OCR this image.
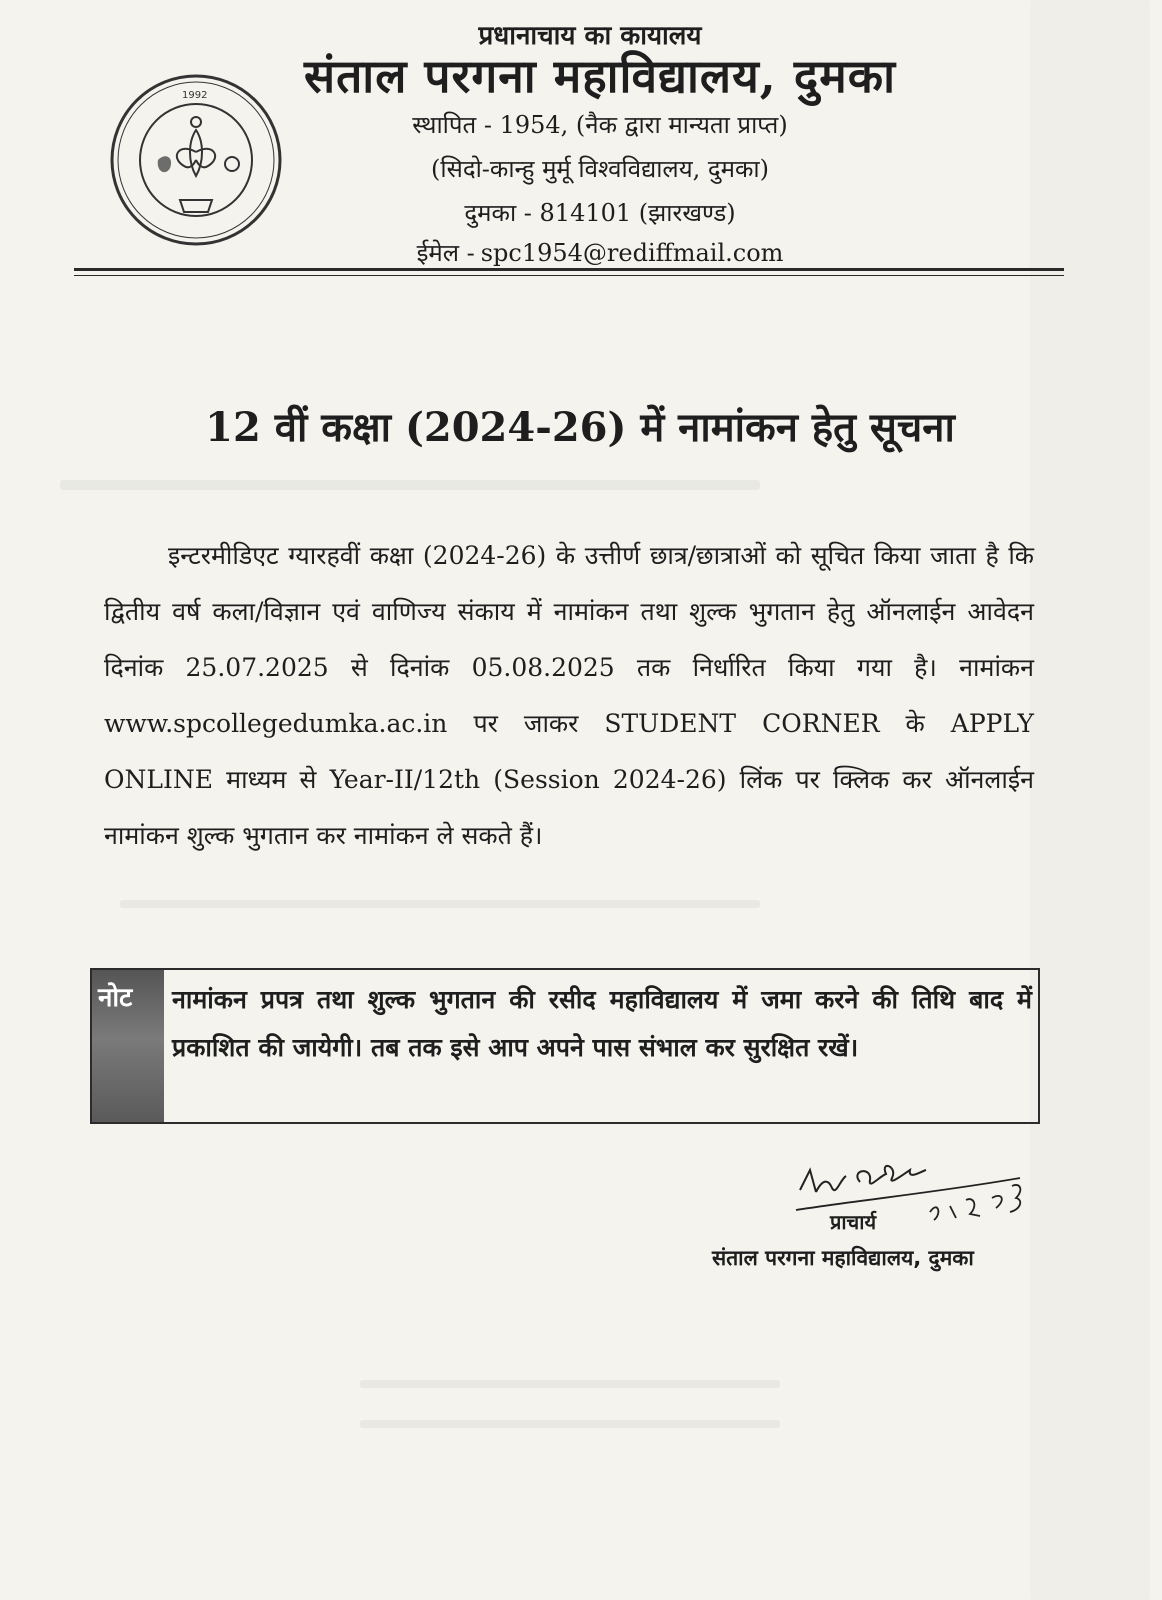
1992
प्रधानाचाय का कायालय
संताल परगना महाविद्यालय, दुमका
स्थापित - 1954, (नैक द्वारा मान्यता प्राप्त)
(सिदो-कान्हु मुर्मू विश्वविद्यालय, दुमका)
दुमका - 814101 (झारखण्ड)
ईमेल - spc1954@rediffmail.com
12 वीं कक्षा (2024-26) में नामांकन हेतु सूचना
इन्टरमीडिएट ग्यारहवीं कक्षा (2024-26) के उत्तीर्ण छात्र/छात्राओं को सूचित किया जाता है कि द्वितीय वर्ष कला/विज्ञान एवं वाणिज्य संकाय में नामांकन तथा शुल्क भुगतान हेतु ऑनलाईन आवेदन दिनांक 25.07.2025 से दिनांक 05.08.2025 तक निर्धारित किया गया है। नामांकन www.spcollegedumka.ac.in पर जाकर STUDENT CORNER के APPLY ONLINE माध्यम से Year-II/12th (Session 2024-26) लिंक पर क्लिक कर ऑनलाईन नामांकन शुल्क भुगतान कर नामांकन ले सकते हैं।
नोट नामांकन प्रपत्र तथा शुल्क भुगतान की रसीद महाविद्यालय में जमा करने की तिथि बाद में प्रकाशित की जायेगी। तब तक इसे आप अपने पास संभाल कर सुरक्षित रखें।
प्राचार्य
संताल परगना महाविद्यालय, दुमका
